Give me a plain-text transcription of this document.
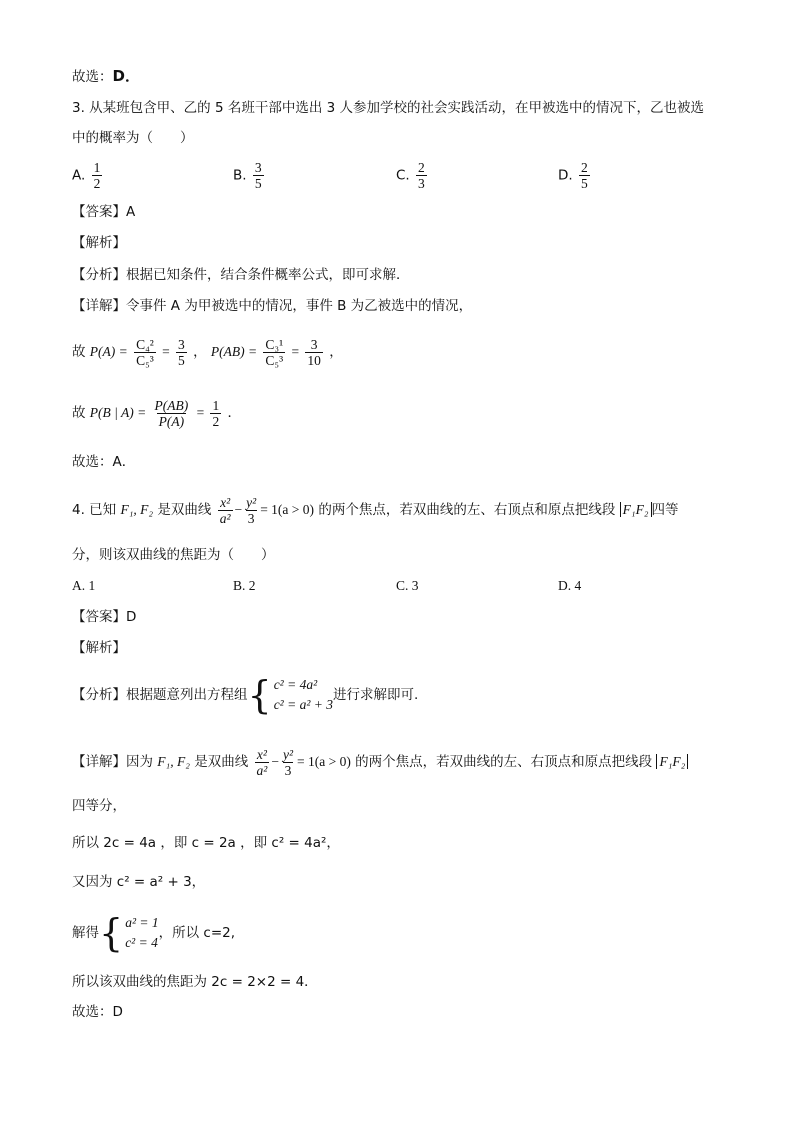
故选：D．
3. 从某班包含甲、乙的 5 名班干部中选出 3 人参加学校的社会实践活动，在甲被选中的情况下，乙也被选
中的概率为（　　）
A. $\frac{1}{2}$	B. $\frac{3}{5}$	C. $\frac{2}{3}$	D. $\frac{2}{5}$
【答案】A
【解析】
【分析】根据已知条件，结合条件概率公式，即可求解．
【详解】令事件 A 为甲被选中的情况，事件 B 为乙被选中的情况，
故 $P(A) = \frac{\text{C₄²}}{\text{C₅³}} = \frac{3}{5}$ ， $P(AB) = \frac{\text{C₃¹}}{\text{C₅³}} = \frac{3}{10}$ ，
故 P(B | $A) = \frac{P(AB)}{P(A)} = \frac{1}{2}$ ．
故选：A．
4. 已知 F₁, F₂ 是双曲线 $\frac{\text{x²}}{\text{a²}} - \frac{\text{y²}}{3} = 1(a > 0)$ 的两个焦点，若双曲线的左、右顶点和原点把线段 F₁F₂ 四等
分，则该双曲线的焦距为（　　）
A. 1	B. 2	C. 3	D. 4
【答案】D
【解析】
【分析】根据题意列出方程组 { c² = 4a²
c² = a² + 3
进行求解即可.
【详解】因为 F₁, F₂ 是双曲线 $\frac{\text{x²}}{\text{a²}} - \frac{\text{y²}}{3} = 1(a > 0)$ 的两个焦点，若双曲线的左、右顶点和原点把线段 F₁F₂
四等分，
所以 2c = 4a ，即 c = 2a ，即 c² = 4a²，
又因为 c² = a² + 3，
解得 { a² = 1
c² = 4
，所以 c=2,
所以该双曲线的焦距为 2c = 2×2 = 4．
故选：D
